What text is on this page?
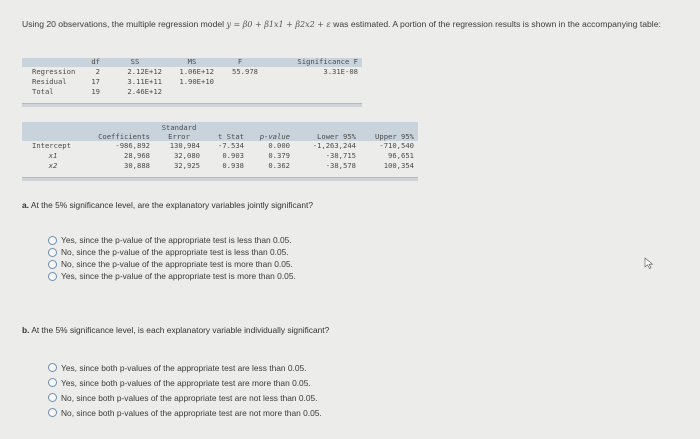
Using 20 observations, the multiple regression model y = β0 + β1x1 + β2x2 + ε was estimated. A portion of the regression results is shown in the accompanying table:
	df	SS	MS	F	Significance F
Regression	2	2.12E+12	1.06E+12	55.978	3.31E-08
Residual	17	3.11E+11	1.90E+10		
Total	19	2.46E+12			
		Standard				
	Coefficients	Error	t Stat	p-value	Lower 95%	Upper 95%
Intercept	-986,892	130,984	-7.534	0.000	-1,263,244	-710,540
x1	28,968	32,080	0.903	0.379	-38,715	96,651
x2	30,888	32,925	0.938	0.362	-38,578	100,354
a. At the 5% significance level, are the explanatory variables jointly significant?
Yes, since the p-value of the appropriate test is less than 0.05.
No, since the p-value of the appropriate test is less than 0.05.
No, since the p-value of the appropriate test is more than 0.05.
Yes, since the p-value of the appropriate test is more than 0.05.
b. At the 5% significance level, is each explanatory variable individually significant?
Yes, since both p-values of the appropriate test are less than 0.05.
Yes, since both p-values of the appropriate test are more than 0.05.
No, since both p-values of the appropriate test are not less than 0.05.
No, since both p-values of the appropriate test are not more than 0.05.
